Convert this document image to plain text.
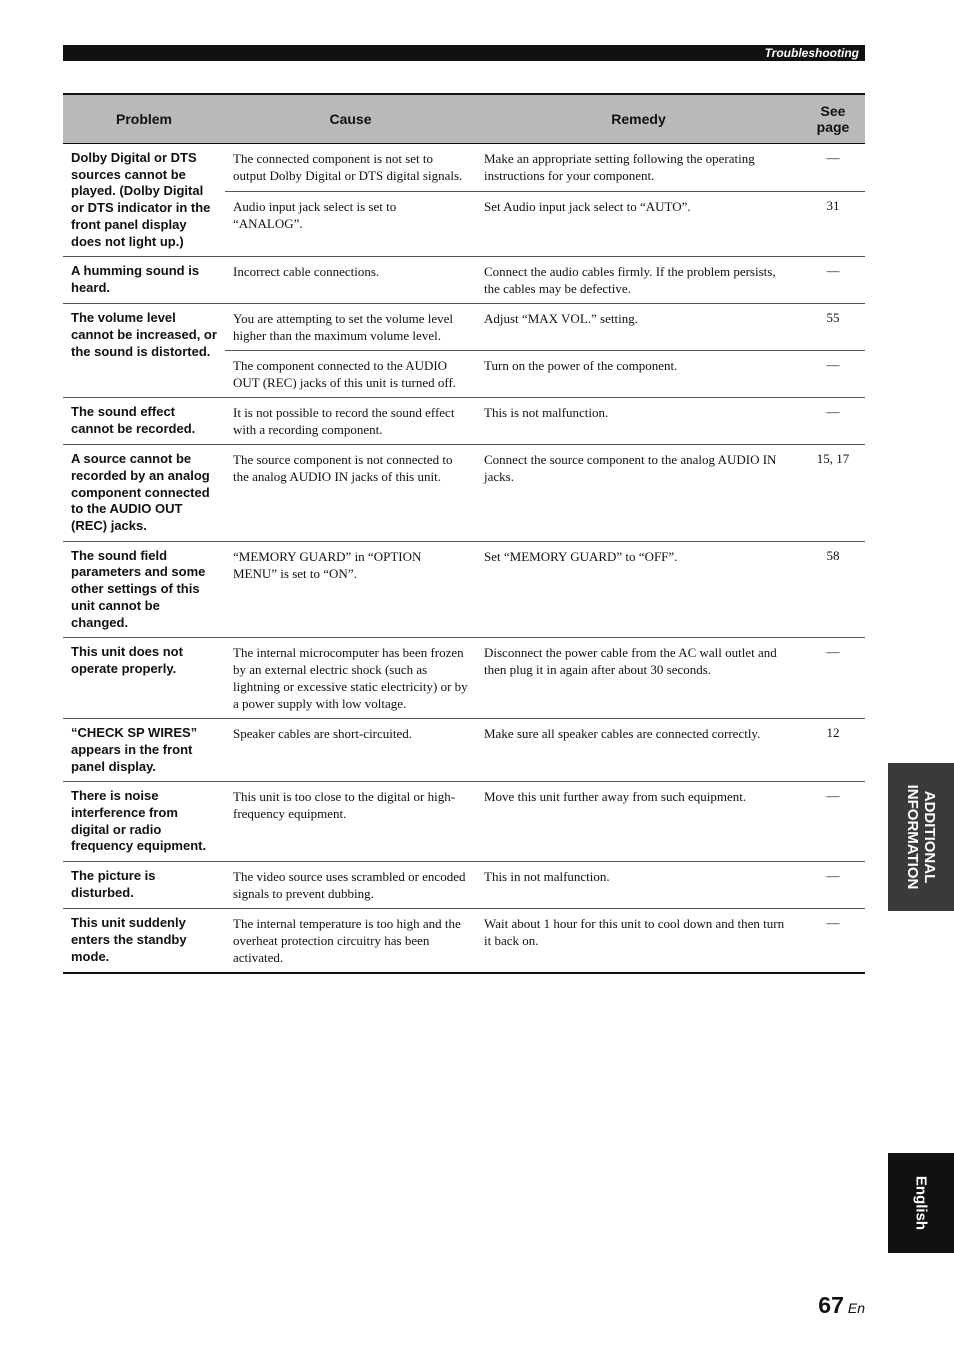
Troubleshooting
Problem	Cause	Remedy	See page
Dolby Digital or DTS sources cannot be played. (Dolby Digital or DTS indicator in the front panel display does not light up.)	The connected component is not set to output Dolby Digital or DTS digital signals.	Make an appropriate setting following the operating instructions for your component.	—
	Audio input jack select is set to “ANALOG”.	Set Audio input jack select to “AUTO”.	31
A humming sound is heard.	Incorrect cable connections.	Connect the audio cables firmly. If the problem persists, the cables may be defective.	—
The volume level cannot be increased, or the sound is distorted.	You are attempting to set the volume level higher than the maximum volume level.	Adjust “MAX VOL.” setting.	55
	The component connected to the AUDIO OUT (REC) jacks of this unit is turned off.	Turn on the power of the component.	—
The sound effect cannot be recorded.	It is not possible to record the sound effect with a recording component.	This is not malfunction.	—
A source cannot be recorded by an analog component connected to the AUDIO OUT (REC) jacks.	The source component is not connected to the analog AUDIO IN jacks of this unit.	Connect the source component to the analog AUDIO IN jacks.	15, 17
The sound field parameters and some other settings of this unit cannot be changed.	“MEMORY GUARD” in “OPTION MENU” is set to “ON”.	Set “MEMORY GUARD” to “OFF”.	58
This unit does not operate properly.	The internal microcomputer has been frozen by an external electric shock (such as lightning or excessive static electricity) or by a power supply with low voltage.	Disconnect the power cable from the AC wall outlet and then plug it in again after about 30 seconds.	—
“CHECK SP WIRES” appears in the front panel display.	Speaker cables are short-circuited.	Make sure all speaker cables are connected correctly.	12
There is noise interference from digital or radio frequency equipment.	This unit is too close to the digital or high-frequency equipment.	Move this unit further away from such equipment.	—
The picture is disturbed.	The video source uses scrambled or encoded signals to prevent dubbing.	This in not malfunction.	—
This unit suddenly enters the standby mode.	The internal temperature is too high and the overheat protection circuitry has been activated.	Wait about 1 hour for this unit to cool down and then turn it back on.	—
ADDITIONAL
INFORMATION
English
67 En
